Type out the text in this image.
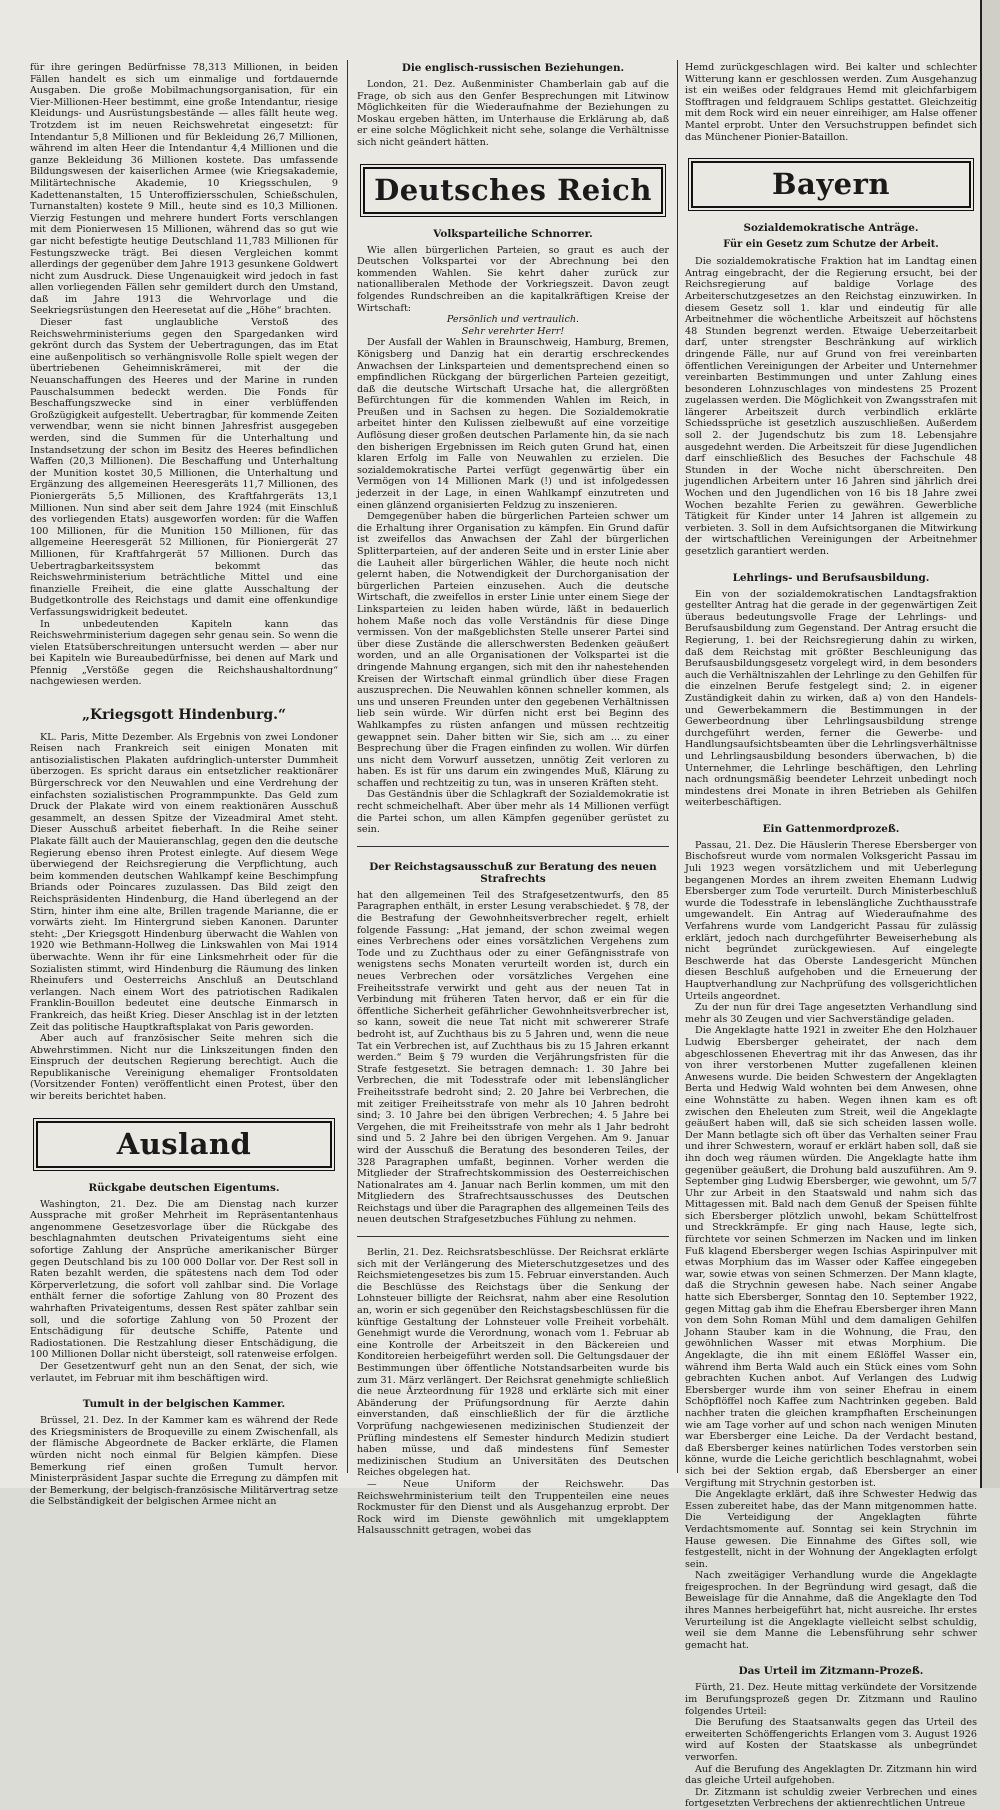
für ihre geringen Bedürfnisse 78,313 Millionen, in beiden Fällen handelt es sich um einmalige und fortdauernde Ausgaben. Die große Mobilmachungsorganisation, für ein Vier-Millionen-Heer bestimmt, eine große Intendantur, riesige Kleidungs- und Ausrüstungsbestände — alles fällt heute weg. Trotzdem ist im neuen Reichswehretat eingesetzt: für Intendantur 5,8 Millionen und für Bekleidung 26,7 Millionen, während im alten Heer die Intendantur 4,4 Millionen und die ganze Bekleidung 36 Millionen kostete. Das umfassende Bildungswesen der kaiserlichen Armee (wie Kriegsakademie, Militärtechnische Akademie, 10 Kriegsschulen, 9 Kadettenanstalten, 15 Unteroffiziersschulen, Schießschulen, Turnanstalten) kostete 9 Mill., heute sind es 10,3 Millionen. Vierzig Festungen und mehrere hundert Forts verschlangen mit dem Pionierwesen 15 Millionen, während das so gut wie gar nicht befestigte heutige Deutschland 11,783 Millionen für Festungszwecke trägt. Bei diesen Vergleichen kommt allerdings der gegenüber dem Jahre 1913 gesunkene Goldwert nicht zum Ausdruck. Diese Ungenauigkeit wird jedoch in fast allen vorliegenden Fällen sehr gemildert durch den Umstand, daß im Jahre 1913 die Wehrvorlage und die Seekriegsrüstungen den Heeresetat auf die „Höhe“ brachten.

Dieser fast unglaubliche Verstoß des Reichswehrministeriums gegen den Spargedanken wird gekrönt durch das System der Uebertragungen, das im Etat eine außenpolitisch so verhängnisvolle Rolle spielt wegen der übertriebenen Geheimniskrämerei, mit der die Neuanschaffungen des Heeres und der Marine in runden Pauschalsummen bedeckt werden. Die Fonds für Beschaffungszwecke sind in einer verblüffenden Großzügigkeit aufgestellt. Uebertragbar, für kommende Zeiten verwendbar, wenn sie nicht binnen Jahresfrist ausgegeben werden, sind die Summen für die Unterhaltung und Instandsetzung der schon im Besitz des Heeres befindlichen Waffen (20,3 Millionen). Die Beschaffung und Unterhaltung der Munition kostet 30,5 Millionen, die Unterhaltung und Ergänzung des allgemeinen Heeresgeräts 11,7 Millionen, des Pioniergeräts 5,5 Millionen, des Kraftfahrgeräts 13,1 Millionen. Nun sind aber seit dem Jahre 1924 (mit Einschluß des vorliegenden Etats) ausgeworfen worden: für die Waffen 100 Millionen, für die Munition 150 Millionen, für das allgemeine Heeresgerät 52 Millionen, für Pioniergerät 27 Millionen, für Kraftfahrgerät 57 Millionen. Durch das Uebertragbarkeitssystem bekommt das Reichswehrministerium beträchtliche Mittel und eine finanzielle Freiheit, die eine glatte Ausschaltung der Budgetkontrolle des Reichstags und damit eine offenkundige Verfassungswidrigkeit bedeutet.

In unbedeutenden Kapiteln kann das Reichswehrministerium dagegen sehr genau sein. So wenn die vielen Etatsüberschreitungen untersucht werden — aber nur bei Kapiteln wie Bureaubedürfnisse, bei denen auf Mark und Pfennig „Verstöße gegen die Reichshaushaltordnung“ nachgewiesen werden.

„Kriegsgott Hindenburg.“

KL. Paris, Mitte Dezember. Als Ergebnis von zwei Londoner Reisen nach Frankreich seit einigen Monaten mit antisozialistischen Plakaten aufdringlich-unterster Dummheit überzogen. Es spricht daraus ein entsetzlicher reaktionärer Bürgerschreck vor den Neuwahlen und eine Verdrehung der einfachsten sozialistischen Programmpunkte. Das Geld zum Druck der Plakate wird von einem reaktionären Ausschuß gesammelt, an dessen Spitze der Vizeadmiral Amet steht. Dieser Ausschuß arbeitet fieberhaft. In die Reihe seiner Plakate fällt auch der Mauieranschlag, gegen den die deutsche Regierung ebenso ihren Protest einlegte. Auf diesem Wege überwiegend der Reichsregierung die Verpflichtung, auch beim kommenden deutschen Wahlkampf keine Beschimpfung Briands oder Poincares zuzulassen. Das Bild zeigt den Reichspräsidenten Hindenburg, die Hand überlegend an der Stirn, hinter ihm eine alte, Brillen tragende Marianne, die er vorwärts zieht. Im Hintergrund sieben Kanonen. Darunter steht: „Der Kriegsgott Hindenburg überwacht die Wahlen von 1920 wie Bethmann-Hollweg die Linkswahlen von Mai 1914 überwachte. Wenn ihr für eine Linksmehrheit oder für die Sozialisten stimmt, wird Hindenburg die Räumung des linken Rheinufers und Oesterreichs Anschluß an Deutschland verlangen. Nach einem Wort des patriotischen Radikalen Franklin-Bouillon bedeutet eine deutsche Einmarsch in Frankreich, das heißt Krieg. Dieser Anschlag ist in der letzten Zeit das politische Hauptkraftsplakat von Paris geworden.

Aber auch auf französischer Seite mehren sich die Abwehrstimmen. Nicht nur die Linkszeitungen finden den Einspruch der deutschen Regierung berechtigt. Auch die Republikanische Vereinigung ehemaliger Frontsoldaten (Vorsitzender Fonten) veröffentlicht einen Protest, über den wir bereits berichtet haben.

Ausland
Rückgabe deutschen Eigentums.

Washington, 21. Dez. Die am Dienstag nach kurzer Aussprache mit großer Mehrheit im Repräsentantenhaus angenommene Gesetzesvorlage über die Rückgabe des beschlagnahmten deutschen Privateigentums sieht eine sofortige Zahlung der Ansprüche amerikanischer Bürger gegen Deutschland bis zu 100 000 Dollar vor. Der Rest soll in Raten bezahlt werden, die spätestens nach dem Tod oder Körperverletzung, die sofort voll zahlbar sind. Die Vorlage enthält ferner die sofortige Zahlung von 80 Prozent des wahrhaften Privateigentums, dessen Rest später zahlbar sein soll, und die sofortige Zahlung von 50 Prozent der Entschädigung für deutsche Schiffe, Patente und Radiostationen. Die Restzahlung dieser Entschädigung, die 100 Millionen Dollar nicht übersteigt, soll ratenweise erfolgen.

Der Gesetzentwurf geht nun an den Senat, der sich, wie verlautet, im Februar mit ihm beschäftigen wird.

Tumult in der belgischen Kammer.

Brüssel, 21. Dez. In der Kammer kam es während der Rede des Kriegsministers de Broqueville zu einem Zwischenfall, als der flämische Abgeordnete de Backer erklärte, die Flamen würden nicht noch einmal für Belgien kämpfen. Diese Bemerkung rief einen großen Tumult hervor. Ministerpräsident Jaspar suchte die Erregung zu dämpfen mit der Bemerkung, der belgisch-französische Militärvertrag setze die Selbständigkeit der belgischen Armee nicht an

Die englisch-russischen Beziehungen.

London, 21. Dez. Außenminister Chamberlain gab auf die Frage, ob sich aus den Genfer Besprechungen mit Litwinow Möglichkeiten für die Wiederaufnahme der Beziehungen zu Moskau ergeben hätten, im Unterhause die Erklärung ab, daß er eine solche Möglichkeit nicht sehe, solange die Verhältnisse sich nicht geändert hätten.

Deutsches Reich
Volksparteiliche Schnorrer.

Wie allen bürgerlichen Parteien, so graut es auch der Deutschen Volkspartei vor der Abrechnung bei den kommenden Wahlen. Sie kehrt daher zurück zur nationalliberalen Methode der Vorkriegszeit. Davon zeugt folgendes Rundschreiben an die kapitalkräftigen Kreise der Wirtschaft:

Persönlich und vertraulich.

Sehr verehrter Herr!

Der Ausfall der Wahlen in Braunschweig, Hamburg, Bremen, Königsberg und Danzig hat ein derartig erschreckendes Anwachsen der Linksparteien und dementsprechend einen so empfindlichen Rückgang der bürgerlichen Parteien gezeitigt, daß die deutsche Wirtschaft Ursache hat, die allergrößten Befürchtungen für die kommenden Wahlen im Reich, in Preußen und in Sachsen zu hegen. Die Sozialdemokratie arbeitet hinter den Kulissen zielbewußt auf eine vorzeitige Auflösung dieser großen deutschen Parlamente hin, da sie nach den bisherigen Ergebnissen im Reich guten Grund hat, einen klaren Erfolg im Falle von Neuwahlen zu erzielen. Die sozialdemokratische Partei verfügt gegenwärtig über ein Vermögen von 14 Millionen Mark (!) und ist infolgedessen jederzeit in der Lage, in einen Wahlkampf einzutreten und einen glänzend organisierten Feldzug zu inszenieren.

Demgegenüber haben die bürgerlichen Parteien schwer um die Erhaltung ihrer Organisation zu kämpfen. Ein Grund dafür ist zweifellos das Anwachsen der Zahl der bürgerlichen Splitterparteien, auf der anderen Seite und in erster Linie aber die Lauheit aller bürgerlichen Wähler, die heute noch nicht gelernt haben, die Notwendigkeit der Durchorganisation der bürgerlichen Parteien einzusehen. Auch die deutsche Wirtschaft, die zweifellos in erster Linie unter einem Siege der Linksparteien zu leiden haben würde, läßt in bedauerlich hohem Maße noch das volle Verständnis für diese Dinge vermissen. Von der maßgeblichsten Stelle unserer Partei sind über diese Zustände die allerschwersten Bedenken geäußert worden, und an alle Organisationen der Volkspartei ist die dringende Mahnung ergangen, sich mit den ihr nahestehenden Kreisen der Wirtschaft einmal gründlich über diese Fragen auszusprechen. Die Neuwahlen können schneller kommen, als uns und unseren Freunden unter den gegebenen Verhältnissen lieb sein würde. Wir dürfen nicht erst bei Beginn des Wahlkampfes zu rüsten anfangen und müssen rechtzeitig gewappnet sein. Daher bitten wir Sie, sich am ... zu einer Besprechung über die Fragen einfinden zu wollen. Wir dürfen uns nicht dem Vorwurf aussetzen, unnötig Zeit verloren zu haben. Es ist für uns darum ein zwingendes Muß, Klärung zu schaffen und rechtzeitig zu tun, was in unseren Kräften steht.

Das Geständnis über die Schlagkraft der Sozialdemokratie ist recht schmeichelhaft. Aber über mehr als 14 Millionen verfügt die Partei schon, um allen Kämpfen gegenüber gerüstet zu sein.

Der Reichstagsausschuß zur Beratung des neuen Strafrechts

hat den allgemeinen Teil des Strafgesetzentwurfs, den 85 Paragraphen enthält, in erster Lesung verabschiedet. § 78, der die Bestrafung der Gewohnheitsverbrecher regelt, erhielt folgende Fassung: „Hat jemand, der schon zweimal wegen eines Verbrechens oder eines vorsätzlichen Vergehens zum Tode und zu Zuchthaus oder zu einer Gefängnisstrafe von wenigstens sechs Monaten verurteilt worden ist, durch ein neues Verbrechen oder vorsätzliches Vergehen eine Freiheitsstrafe verwirkt und geht aus der neuen Tat in Verbindung mit früheren Taten hervor, daß er ein für die öffentliche Sicherheit gefährlicher Gewohnheitsverbrecher ist, so kann, soweit die neue Tat nicht mit schwererer Strafe bedroht ist, auf Zuchthaus bis zu 5 Jahren und, wenn die neue Tat ein Verbrechen ist, auf Zuchthaus bis zu 15 Jahren erkannt werden.“ Beim § 79 wurden die Verjährungsfristen für die Strafe festgesetzt. Sie betragen demnach: 1. 30 Jahre bei Verbrechen, die mit Todesstrafe oder mit lebenslänglicher Freiheitsstrafe bedroht sind; 2. 20 Jahre bei Verbrechen, die mit zeitiger Freiheitsstrafe von mehr als 10 Jahren bedroht sind; 3. 10 Jahre bei den übrigen Verbrechen; 4. 5 Jahre bei Vergehen, die mit Freiheitsstrafe von mehr als 1 Jahr bedroht sind und 5. 2 Jahre bei den übrigen Vergehen. Am 9. Januar wird der Ausschuß die Beratung des besonderen Teiles, der 328 Paragraphen umfaßt, beginnen. Vorher werden die Mitglieder der Strafrechtskommission des Oesterreichischen Nationalrates am 4. Januar nach Berlin kommen, um mit den Mitgliedern des Strafrechtsausschusses des Deutschen Reichstags und über die Paragraphen des allgemeinen Teils des neuen deutschen Strafgesetzbuches Fühlung zu nehmen.

Berlin, 21. Dez. Reichsratsbeschlüsse. Der Reichsrat erklärte sich mit der Verlängerung des Mieterschutzgesetzes und des Reichsmietengesetzes bis zum 15. Februar einverstanden. Auch die Beschlüsse des Reichstags über die Senkung der Lohnsteuer billigte der Reichsrat, nahm aber eine Resolution an, worin er sich gegenüber den Reichstagsbeschlüssen für die künftige Gestaltung der Lohnsteuer volle Freiheit vorbehält. Genehmigt wurde die Verordnung, wonach vom 1. Februar ab eine Kontrolle der Arbeitszeit in den Bäckereien und Konditoreien herbeigeführt werden soll. Die Geltungsdauer der Bestimmungen über öffentliche Notstandsarbeiten wurde bis zum 31. März verlängert. Der Reichsrat genehmigte schließlich die neue Ärzteordnung für 1928 und erklärte sich mit einer Abänderung der Prüfungsordnung für Aerzte dahin einverstanden, daß einschließlich der für die ärztliche Vorprüfung nachgewiesenen medizinischen Studienzeit der Prüfling mindestens elf Semester hindurch Medizin studiert haben müsse, und daß mindestens fünf Semester medizinischen Studium an Universitäten des Deutschen Reiches obgelegen hat.

— Neue Uniform der Reichswehr. Das Reichswehrministerium teilt den Truppenteilen eine neues Rockmuster für den Dienst und als Ausgehanzug erprobt. Der Rock wird im Dienste gewöhnlich mit umgeklapptem Halsausschnitt getragen, wobei das

Hemd zurückgeschlagen wird. Bei kalter und schlechter Witterung kann er geschlossen werden. Zum Ausgehanzug ist ein weißes oder feldgraues Hemd mit gleichfarbigem Stofftragen und feldgrauem Schlips gestattet. Gleichzeitig mit dem Rock wird ein neuer einreihiger, am Halse offener Mantel erprobt. Unter den Versuchstruppen befindet sich das Münchener Pionier-Bataillon.

Bayern
Sozialdemokratische Anträge.
Für ein Gesetz zum Schutze der Arbeit.

Die sozialdemokratische Fraktion hat im Landtag einen Antrag eingebracht, der die Regierung ersucht, bei der Reichsregierung auf baldige Vorlage des Arbeiterschutzgesetzes an den Reichstag einzuwirken. In diesem Gesetz soll 1. klar und eindeutig für alle Arbeitnehmer die wöchentliche Arbeitszeit auf höchstens 48 Stunden begrenzt werden. Etwaige Ueberzeitarbeit darf, unter strengster Beschränkung auf wirklich dringende Fälle, nur auf Grund von frei vereinbarten öffentlichen Vereinigungen der Arbeiter und Unternehmer vereinbarten Bestimmungen und unter Zahlung eines besonderen Lohnzuschlages von mindestens 25 Prozent zugelassen werden. Die Möglichkeit von Zwangsstrafen mit längerer Arbeitszeit durch verbindlich erklärte Schiedssprüche ist gesetzlich auszuschließen. Außerdem soll 2. der Jugendschutz bis zum 18. Lebensjahre ausgedehnt werden. Die Arbeitszeit für diese Jugendlichen darf einschließlich des Besuches der Fachschule 48 Stunden in der Woche nicht überschreiten. Den jugendlichen Arbeitern unter 16 Jahren sind jährlich drei Wochen und den Jugendlichen von 16 bis 18 Jahre zwei Wochen bezahlte Ferien zu gewähren. Gewerbliche Tätigkeit für Kinder unter 14 Jahren ist allgemein zu verbieten. 3. Soll in dem Aufsichtsorganen die Mitwirkung der wirtschaftlichen Vereinigungen der Arbeitnehmer gesetzlich garantiert werden.

Lehrlings- und Berufsausbildung.

Ein von der sozialdemokratischen Landtagsfraktion gestellter Antrag hat die gerade in der gegenwärtigen Zeit überaus bedeutungsvolle Frage der Lehrlings- und Berufsausbildung zum Gegenstand. Der Antrag ersucht die Regierung, 1. bei der Reichsregierung dahin zu wirken, daß dem Reichstag mit größter Beschleunigung das Berufsausbildungsgesetz vorgelegt wird, in dem besonders auch die Verhältniszahlen der Lehrlinge zu den Gehilfen für die einzelnen Berufe festgelegt sind; 2. in eigener Zuständigkeit dahin zu wirken, daß a) von den Handels- und Gewerbekammern die Bestimmungen in der Gewerbeordnung über Lehrlingsausbildung strenge durchgeführt werden, ferner die Gewerbe- und Handlungsaufsichtsbeamten über die Lehrlingsverhältnisse und Lehrlingsausbildung besonders überwachen, b) die Unternehmer, die Lehrlinge beschäftigen, den Lehrling nach ordnungsmäßig beendeter Lehrzeit unbedingt noch mindestens drei Monate in ihren Betrieben als Gehilfen weiterbeschäftigen.

Ein Gattenmordprozeß.

Passau, 21. Dez. Die Häuslerin Therese Ebersberger von Bischofsreut wurde vom normalen Volksgericht Passau im Juli 1923 wegen vorsätzlichem und mit Ueberlegung begangenen Mordes an ihrem zweiten Ehemann Ludwig Ebersberger zum Tode verurteilt. Durch Ministerbeschluß wurde die Todesstrafe in lebenslängliche Zuchthausstrafe umgewandelt. Ein Antrag auf Wiederaufnahme des Verfahrens wurde vom Landgericht Passau für zulässig erklärt, jedoch nach durchgeführter Beweiserhebung als nicht begründet zurückgewiesen. Auf eingelegte Beschwerde hat das Oberste Landesgericht München diesen Beschluß aufgehoben und die Erneuerung der Hauptverhandlung zur Nachprüfung des vollsgerichtlichen Urteils angeordnet.

Zu der nun für drei Tage angesetzten Verhandlung sind mehr als 30 Zeugen und vier Sachverständige geladen.

Die Angeklagte hatte 1921 in zweiter Ehe den Holzhauer Ludwig Ebersberger geheiratet, der nach dem abgeschlossenen Ehevertrag mit ihr das Anwesen, das ihr von ihrer verstorbenen Mutter zugefallenen kleinen Anwesens wurde. Die beiden Schwestern der Angeklagten Berta und Hedwig Wald wohnten bei dem Anwesen, ohne eine Wohnstätte zu haben. Wegen ihnen kam es oft zwischen den Eheleuten zum Streit, weil die Angeklagte geäußert haben will, daß sie sich scheiden lassen wolle. Der Mann betlagte sich oft über das Verhalten seiner Frau und ihrer Schwestern, worauf er erklärt haben soll, daß sie ihn doch weg räumen würden. Die Angeklagte hatte ihm gegenüber geäußert, die Drohung bald auszuführen. Am 9. September ging Ludwig Ebersberger, wie gewohnt, um 5/7 Uhr zur Arbeit in den Staatswald und nahm sich das Mittagessen mit. Bald nach dem Genuß der Speisen fühlte sich Ebersberger plötzlich unwohl, bekam Schüttelfrost und Streckkrämpfe. Er ging nach Hause, legte sich, fürchtete vor seinen Schmerzen im Nacken und im linken Fuß klagend Ebersberger wegen Ischias Aspirinpulver mit etwas Morphium das im Wasser oder Kaffee eingegeben war, sowie etwas von seinen Schmerzen. Der Mann klagte, daß die Strychnin gewesen habe. Nach seiner Angabe hatte sich Ebersberger, Sonntag den 10. September 1922, gegen Mittag gab ihm die Ehefrau Ebersberger ihren Mann von dem Sohn Roman Mühl und dem damaligen Gehilfen Johann Stauber kam in die Wohnung, die Frau, den gewöhnlichen Wasser mit etwas Morphium. Die Angeklagte, die ihn mit einem Eßlöffel Wasser ein, während ihm Berta Wald auch ein Stück eines vom Sohn gebrachten Kuchen anbot. Auf Verlangen des Ludwig Ebersberger wurde ihm von seiner Ehefrau in einem Schöpflöffel noch Kaffee zum Nachtrinken gegeben. Bald nachher traten die gleichen krampfhaften Erscheinungen wie am Tage vorher auf und schon nach wenigen Minuten war Ebersberger eine Leiche. Da der Verdacht bestand, daß Ebersberger keines natürlichen Todes verstorben sein könne, wurde die Leiche gerichtlich beschlagnahmt, wobei sich bei der Sektion ergab, daß Ebersberger an einer Vergiftung mit Strychnin gestorben ist.

Die Angeklagte erklärt, daß ihre Schwester Hedwig das Essen zubereitet habe, das der Mann mitgenommen hatte. Die Verteidigung der Angeklagten führte Verdachtsmomente auf. Sonntag sei kein Strychnin im Hause gewesen. Die Einnahme des Giftes soll, wie festgestellt, nicht in der Wohnung der Angeklagten erfolgt sein.

Nach zweitägiger Verhandlung wurde die Angeklagte freigesprochen. In der Begründung wird gesagt, daß die Beweislage für die Annahme, daß die Angeklagte den Tod ihres Mannes herbeigeführt hat, nicht ausreiche. Ihr erstes Verurteilung ist die Angeklagte vielleicht selbst schuldig, weil sie dem Manne die Lebensführung sehr schwer gemacht hat.

Das Urteil im Zitzmann-Prozeß.

Fürth, 21. Dez. Heute mittag verkündete der Vorsitzende im Berufungsprozeß gegen Dr. Zitzmann und Raulino folgendes Urteil:

Die Berufung des Staatsanwalts gegen das Urteil des erweiterten Schöffengerichts Erlangen vom 3. August 1926 wird auf Kosten der Staatskasse als unbegründet verworfen.

Auf die Berufung des Angeklagten Dr. Zitzmann hin wird das gleiche Urteil aufgehoben.

Dr. Zitzmann ist schuldig zweier Verbrechen und eines fortgesetzten Verbrechens der aktienrechtlichen Untreue
